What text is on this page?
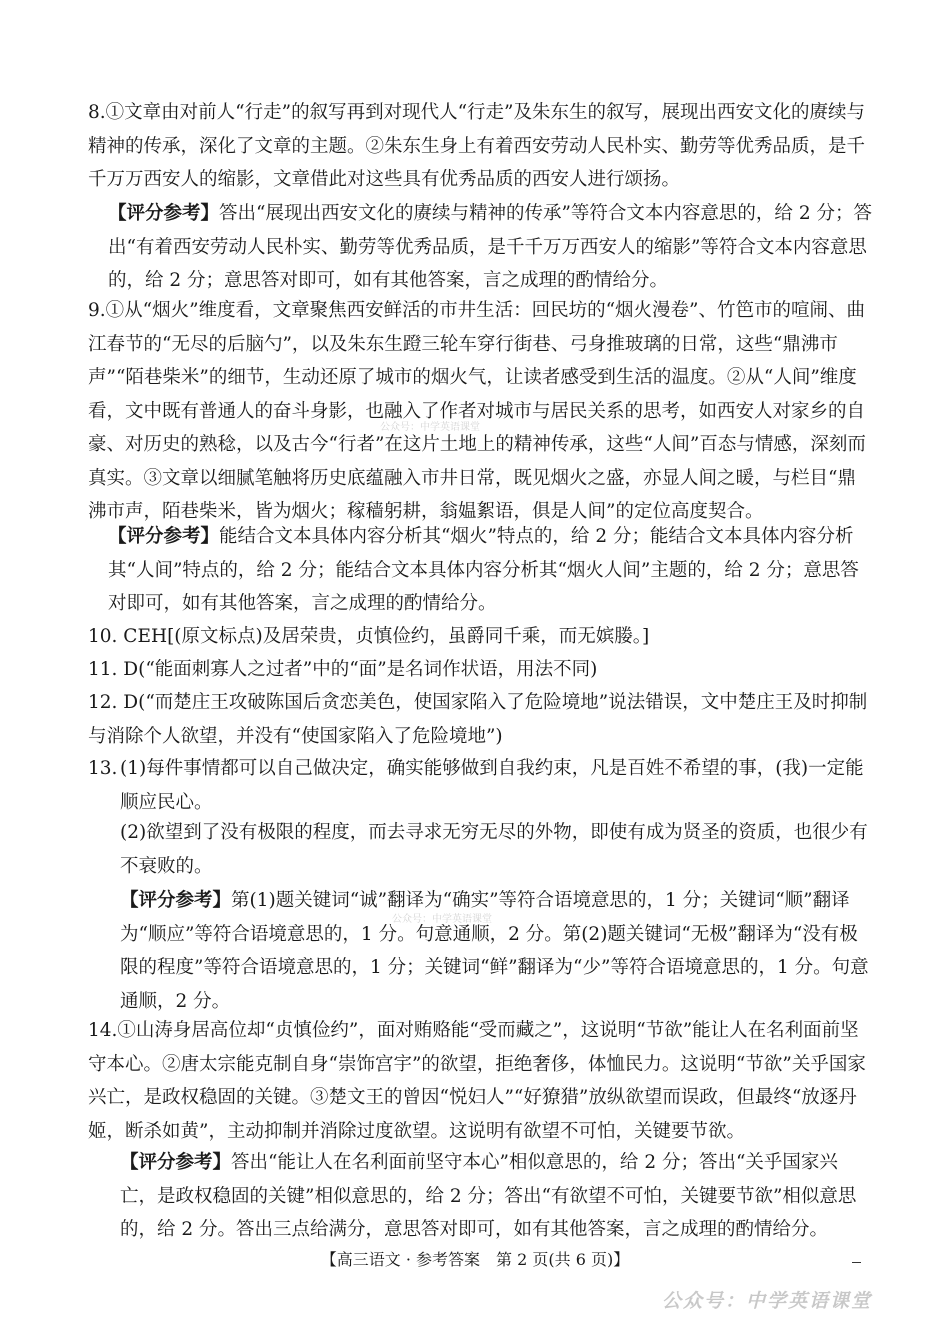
8.①文章由对前人“行走”的叙写再到对现代人“行走”及朱东生的叙写，展现出西安文化的赓续与精神的传承，深化了文章的主题。②朱东生身上有着西安劳动人民朴实、勤劳等优秀品质，是千千万万西安人的缩影，文章借此对这些具有优秀品质的西安人进行颂扬。
【评分参考】答出“展现出西安文化的赓续与精神的传承”等符合文本内容意思的，给 2 分；答出“有着西安劳动人民朴实、勤劳等优秀品质，是千千万万西安人的缩影”等符合文本内容意思的，给 2 分；意思答对即可，如有其他答案，言之成理的酌情给分。
9.①从“烟火”维度看，文章聚焦西安鲜活的市井生活：回民坊的“烟火漫卷”、竹笆市的喧闹、曲江春节的“无尽的后脑勺”，以及朱东生蹬三轮车穿行街巷、弓身推玻璃的日常，这些“鼎沸市声”“陌巷柴米”的细节，生动还原了城市的烟火气，让读者感受到生活的温度。②从“人间”维度看，文中既有普通人的奋斗身影，也融入了作者对城市与居民关系的思考，如西安人对家乡的自豪、对历史的熟稔，以及古今“行者”在这片土地上的精神传承，这些“人间”百态与情感，深刻而真实。③文章以细腻笔触将历史底蕴融入市井日常，既见烟火之盛，亦显人间之暖，与栏目“鼎沸市声，陌巷柴米，皆为烟火；稼穑躬耕，翁媪絮语，俱是人间”的定位高度契合。
【评分参考】能结合文本具体内容分析其“烟火”特点的，给 2 分；能结合文本具体内容分析其“人间”特点的，给 2 分；能结合文本具体内容分析其“烟火人间”主题的，给 2 分；意思答对即可，如有其他答案，言之成理的酌情给分。
10. CEH[(原文标点)及居荣贵，贞慎俭约，虽爵同千乘，而无嫔媵。]
11. D(“能面刺寡人之过者”中的“面”是名词作状语，用法不同)
12. D(“而楚庄王攻破陈国后贪恋美色，使国家陷入了危险境地”说法错误，文中楚庄王及时抑制与消除个人欲望，并没有“使国家陷入了危险境地”)
13. (1)每件事情都可以自己做决定，确实能够做到自我约束，凡是百姓不希望的事，(我)一定能顺应民心。
(2)欲望到了没有极限的程度，而去寻求无穷无尽的外物，即使有成为贤圣的资质，也很少有不衰败的。
【评分参考】第(1)题关键词“诚”翻译为“确实”等符合语境意思的，1 分；关键词“顺”翻译为“顺应”等符合语境意思的，1 分。句意通顺，2 分。第(2)题关键词“无极”翻译为“没有极限的程度”等符合语境意思的，1 分；关键词“鲜”翻译为“少”等符合语境意思的，1 分。句意通顺，2 分。
14.①山涛身居高位却“贞慎俭约”，面对贿赂能“受而藏之”，这说明“节欲”能让人在名利面前坚守本心。②唐太宗能克制自身“崇饰宫宇”的欲望，拒绝奢侈，体恤民力。这说明“节欲”关乎国家兴亡，是政权稳固的关键。③楚文王的曾因“悦妇人”“好獠猎”放纵欲望而误政，但最终“放逐丹姬，断杀如黄”，主动抑制并消除过度欲望。这说明有欲望不可怕，关键要节欲。
【评分参考】答出“能让人在名利面前坚守本心”相似意思的，给 2 分；答出“关乎国家兴亡，是政权稳固的关键”相似意思的，给 2 分；答出“有欲望不可怕，关键要节欲”相似意思的，给 2 分。答出三点给满分，意思答对即可，如有其他答案，言之成理的酌情给分。
【高三语文 · 参考答案　第 2 页(共 6 页)】
公众号：中学英语课堂
公众号：中学英语课堂
公众号：中学英语课堂
